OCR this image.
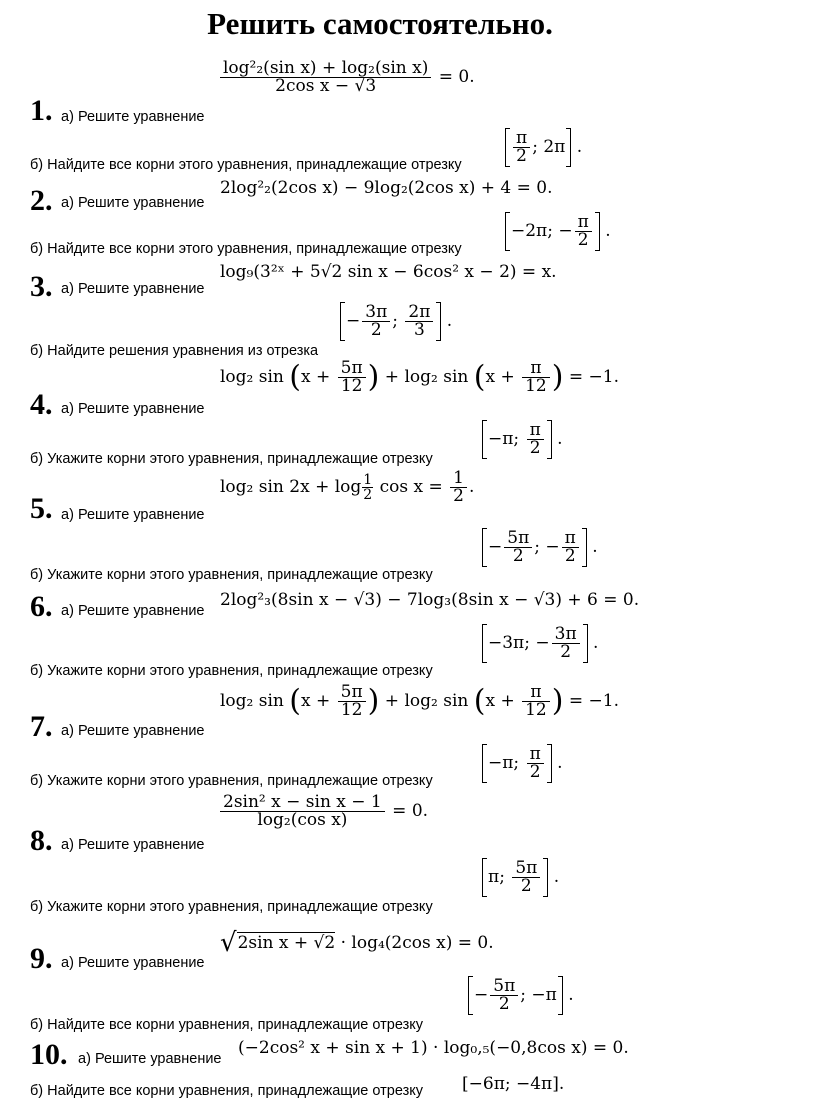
Решить самостоятельно.
1. а) Решите уравнение
$\frac{\text{log²₂(sin x) + log₂(sin x)}}{\text{2cos x − √3}} = 0$.
б) Найдите все корни этого уравнения, принадлежащие отрезку	$\frac{\pi}{2}$ ; 2π .
2. а) Решите уравнение
2log²₂(2cos x) − 9log₂(2cos x) + 4 = 0.
б) Найдите все корни этого уравнения, принадлежащие отрезку
−2π; − $\frac{\pi}{2}$ .
3. а) Решите уравнение
log₉(3²ˣ + 5√2 sin x − 6cos² x − 2) = x.
б) Найдите решения уравнения из отрезка
− $\frac{3\pi}{2}$ ; $\frac{2\pi}{3}$ .
4. а) Решите уравнение
log₂ $\sin (x + \frac{5\pi}{12}$ ) + log₂ $\sin (x + \frac{\pi}{12}$ ) = −1.
б) Укажите корни этого уравнения, принадлежащие отрезку
−π; $\frac{\pi}{2}$ .
5. а) Решите уравнение
log₂ $\sin 2x + \log \frac{1}{2}$ $\cos x = \frac{1}{2}$ .
б) Укажите корни этого уравнения, принадлежащие отрезку
− $\frac{5\pi}{2}$ ; − $\frac{\pi}{2}$ .
6. а) Решите уравнение
2log²₃(8sin x − √3) − 7log₃(8sin x − √3) + 6 = 0.
б) Укажите корни этого уравнения, принадлежащие отрезку
−3π; − $\frac{3\pi}{2}$ .
7. а) Решите уравнение
log₂ $\sin (x + \frac{5\pi}{12}$ ) + log₂ $\sin (x + \frac{\pi}{12}$ ) = −1.
б) Укажите корни этого уравнения, принадлежащие отрезку
−π; $\frac{\pi}{2}$ .
8. а) Решите уравнение
$\frac{\text{2sin² x − sin x − 1}}{\text{log₂(cos x)}} = 0$.
б) Укажите корни этого уравнения, принадлежащие отрезку
π; $\frac{5\pi}{2}$ .
9. а) Решите уравнение
√2sin x + √2 · log₄(2cos x) = 0.
б) Найдите все корни уравнения, принадлежащие отрезку
− $\frac{5\pi}{2}$ ; −π .
10. а) Решите уравнение
(−2cos² x + sin x + 1) · log₀,₅(−0,8cos x) = 0.
б) Найдите все корни уравнения, принадлежащие отрезку [−6π; −4π].
